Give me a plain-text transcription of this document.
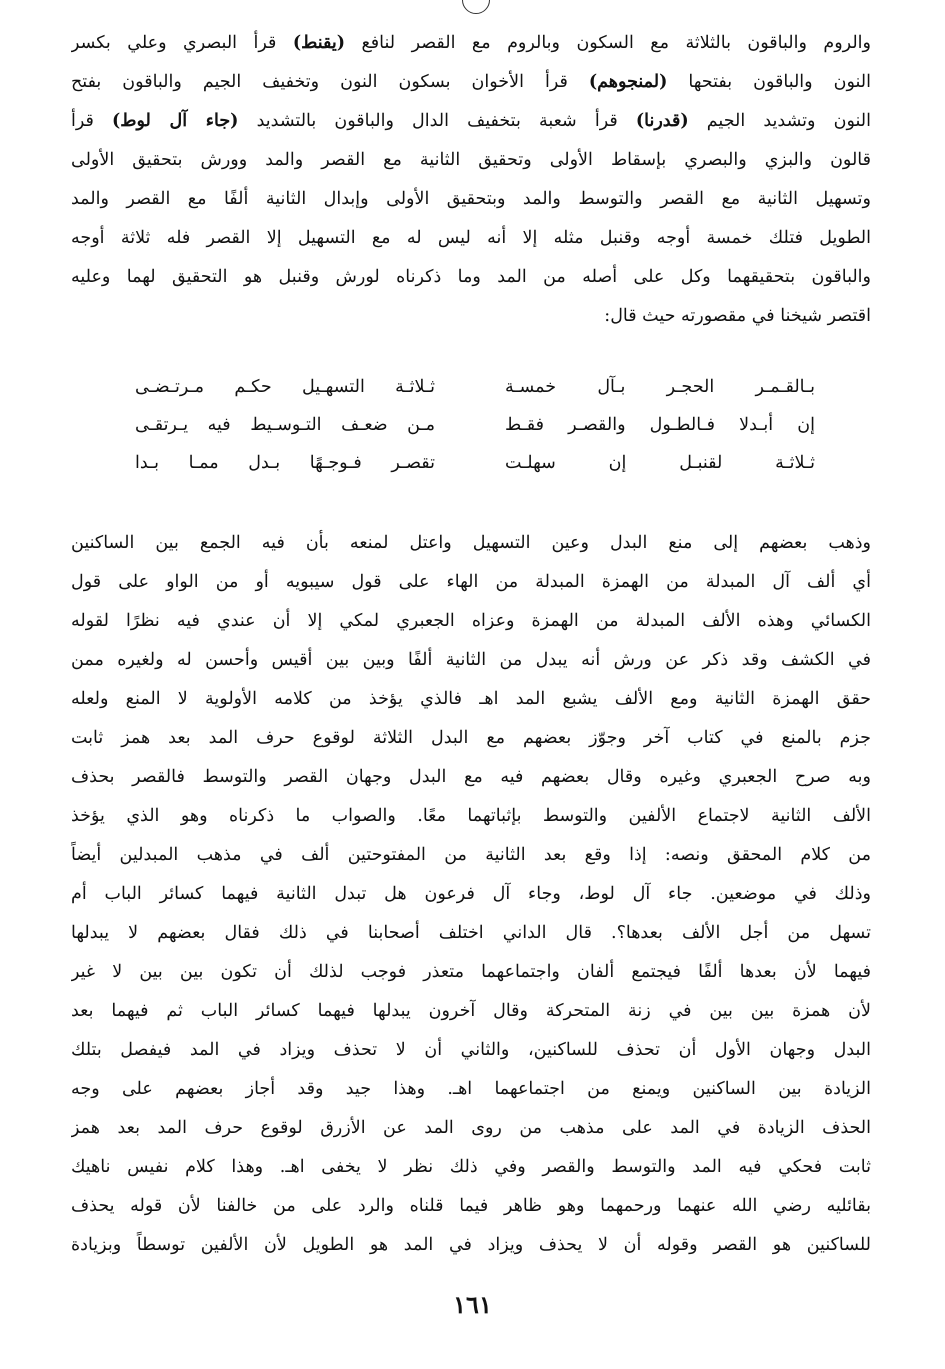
والروم والباقون بالثلاثة مع السكون وبالروم مع القصر لنافع (يقنط) قرأ البصري وعلي بكسر
النون والباقون بفتحها (لمنجوهم) قرأ الأخوان بسكون النون وتخفيف الجيم والباقون بفتح
النون وتشديد الجيم (قدرنا) قرأ شعبة بتخفيف الدال والباقون بالتشديد (جاء آل لوط) قرأ
قالون والبزي والبصري بإسقاط الأولى وتحقيق الثانية مع القصر والمد وورش بتحقيق الأولى
وتسهيل الثانية مع القصر والتوسط والمد وبتحقيق الأولى وإبدال الثانية ألفًا مع القصر والمد
الطويل فتلك خمسة أوجه وقنبل مثله إلا أنه ليس له مع التسهيل إلا القصر فله ثلاثة أوجه
والباقون بتحقيقهما وكل على أصله من المد وما ذكرناه لورش وقنبل هو التحقيق لهما وعليه
اقتصر شيخنا في مقصورته حيث قال:
بـالقـمـر الحجـر بـآل خمسـة
ثـلاثـة التسهـيل حكـم مـرتـضـى
إن أبـدلا فـالطـول والقصـر فقـط
مـن ضعـف التـوسـيط فيه يـرتقـى
ثـلاثـة لقنبـل إن سهلـت
تقصـر فـوجـهًا بـدل ممـا بـدا
وذهب بعضهم إلى منع البدل وعين التسهيل واعتل لمنعه بأن فيه الجمع بين الساكنين
أي ألف آل المبدلة من الهمزة المبدلة من الهاء على قول سيبويه أو من الواو على قول
الكسائي وهذه الألف المبدلة من الهمزة وعزاه الجعبري لمكي إلا أن عندي فيه نظرًا لقوله
في الكشف وقد ذكر عن ورش أنه يبدل من الثانية ألفًا وبين بين أقيس وأحسن له ولغيره ممن
حقق الهمزة الثانية ومع الألف يشبع المد اهـ فالذي يؤخذ من كلامه الأولوية لا المنع ولعله
جزم بالمنع في كتاب آخر وجوّز بعضهم مع البدل الثلاثة لوقوع حرف المد بعد همز ثابت
وبه صرح الجعبري وغيره وقال بعضهم فيه مع البدل وجهان القصر والتوسط فالقصر بحذف
الألف الثانية لاجتماع الألفين والتوسط بإثباتهما معًا. والصواب ما ذكرناه وهو الذي يؤخذ
من كلام المحقق ونصه: إذا وقع بعد الثانية من المفتوحتين ألف في مذهب المبدلين أيضاً
وذلك في موضعين. جاء آل لوط، وجاء آل فرعون هل تبدل الثانية فيهما كسائر الباب أم
تسهل من أجل الألف بعدها؟. قال الداني اختلف أصحابنا في ذلك فقال بعضهم لا يبدلها
فيهما لأن بعدها ألفًا فيجتمع ألفان واجتماعهما متعذر فوجب لذلك أن تكون بين بين لا غير
لأن همزة بين بين في زنة المتحركة وقال آخرون يبدلها فيهما كسائر الباب ثم فيهما بعد
البدل وجهان الأول أن تحذف للساكنين، والثاني أن لا تحذف ويزاد في المد فيفصل بتلك
الزيادة بين الساكنين ويمنع من اجتماعهما اهـ. وهذا جيد وقد أجاز بعضهم على وجه
الحذف الزيادة في المد على مذهب من روى المد عن الأزرق لوقوع حرف المد بعد همز
ثابت فحكي فيه المد والتوسط والقصر وفي ذلك نظر لا يخفى اهـ. وهذا كلام نفيس ناهيك
بقائليه رضي الله عنهما ورحمهما وهو ظاهر فيما قلناه والرد على من خالفنا لأن قوله يحذف
للساكنين هو القصر وقوله أن لا يحذف ويزاد في المد هو الطويل لأن الألفين توسطاً وبزيادة
١٦١
